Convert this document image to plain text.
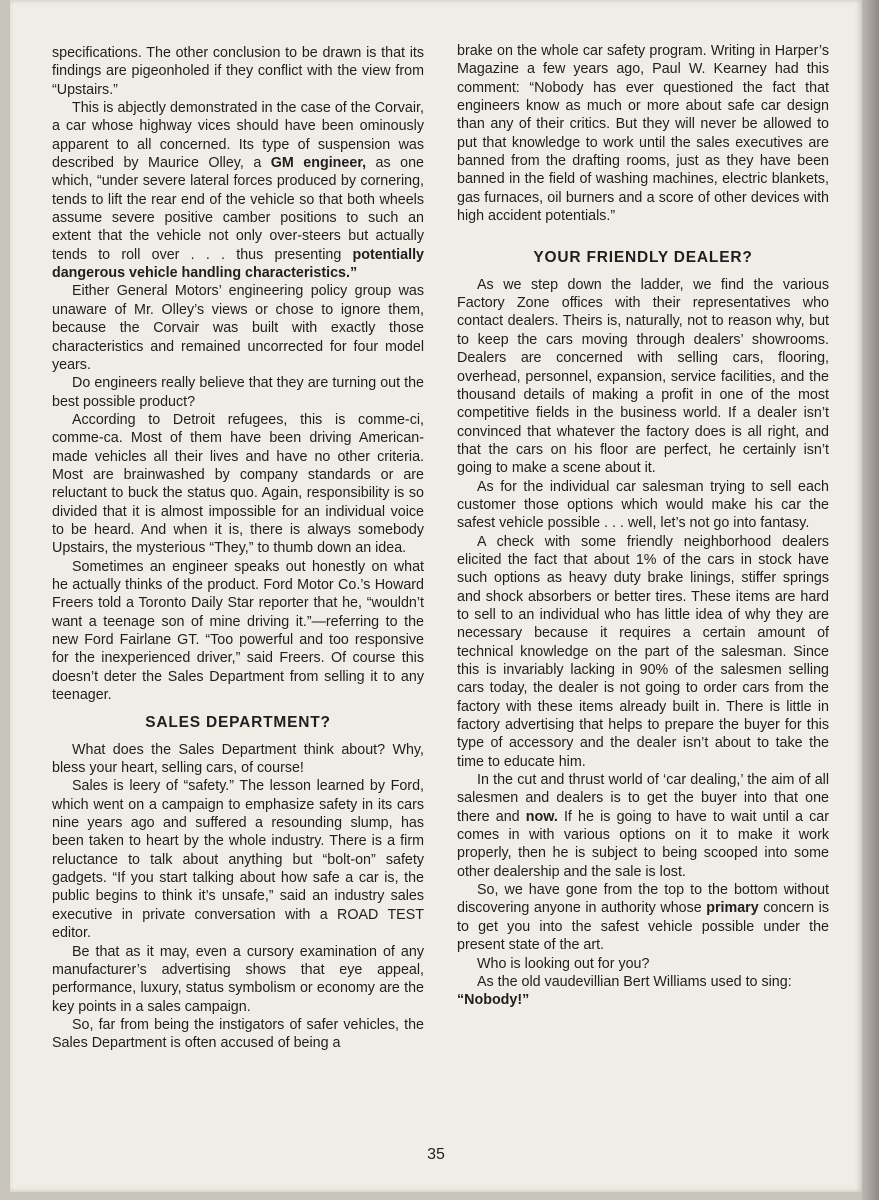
specifications. The other conclusion to be drawn is that its findings are pigeonholed if they conflict with the view from “Upstairs.”

This is abjectly demonstrated in the case of the Corvair, a car whose highway vices should have been ominously apparent to all concerned. Its type of suspension was described by Maurice Olley, a GM engineer, as one which, “under severe lateral forces produced by cornering, tends to lift the rear end of the vehicle so that both wheels assume severe positive camber positions to such an extent that the vehicle not only over-steers but actually tends to roll over . . . thus presenting potentially dangerous vehicle handling characteristics.”

Either General Motors’ engineering policy group was unaware of Mr. Olley’s views or chose to ignore them, because the Corvair was built with exactly those characteristics and remained uncorrected for four model years.

Do engineers really believe that they are turning out the best possible product?

According to Detroit refugees, this is comme-ci, comme-ca. Most of them have been driving American-made vehicles all their lives and have no other criteria. Most are brainwashed by company standards or are reluctant to buck the status quo. Again, responsibility is so divided that it is almost impossible for an individual voice to be heard. And when it is, there is always somebody Upstairs, the mysterious “They,” to thumb down an idea.

Sometimes an engineer speaks out honestly on what he actually thinks of the product. Ford Motor Co.’s Howard Freers told a Toronto Daily Star reporter that he, “wouldn’t want a teenage son of mine driving it.”—referring to the new Ford Fairlane GT. “Too powerful and too responsive for the inexperienced driver,” said Freers. Of course this doesn’t deter the Sales Department from selling it to any teenager.

SALES DEPARTMENT?

What does the Sales Department think about? Why, bless your heart, selling cars, of course!

Sales is leery of “safety.” The lesson learned by Ford, which went on a campaign to emphasize safety in its cars nine years ago and suffered a resounding slump, has been taken to heart by the whole industry. There is a firm reluctance to talk about anything but “bolt-on” safety gadgets. “If you start talking about how safe a car is, the public begins to think it’s unsafe,” said an industry sales executive in private conversation with a ROAD TEST editor.

Be that as it may, even a cursory examination of any manufacturer’s advertising shows that eye appeal, performance, luxury, status symbolism or economy are the key points in a sales campaign.

So, far from being the instigators of safer vehicles, the Sales Department is often accused of being a

brake on the whole car safety program. Writing in Harper’s Magazine a few years ago, Paul W. Kearney had this comment: “Nobody has ever questioned the fact that engineers know as much or more about safe car design than any of their critics. But they will never be allowed to put that knowledge to work until the sales executives are banned from the drafting rooms, just as they have been banned in the field of washing machines, electric blankets, gas furnaces, oil burners and a score of other devices with high accident potentials.”

YOUR FRIENDLY DEALER?

As we step down the ladder, we find the various Factory Zone offices with their representatives who contact dealers. Theirs is, naturally, not to reason why, but to keep the cars moving through dealers’ showrooms. Dealers are concerned with selling cars, flooring, overhead, personnel, expansion, service facilities, and the thousand details of making a profit in one of the most competitive fields in the business world. If a dealer isn’t convinced that whatever the factory does is all right, and that the cars on his floor are perfect, he certainly isn’t going to make a scene about it.

As for the individual car salesman trying to sell each customer those options which would make his car the safest vehicle possible . . . well, let’s not go into fantasy.

A check with some friendly neighborhood dealers elicited the fact that about 1% of the cars in stock have such options as heavy duty brake linings, stiffer springs and shock absorbers or better tires. These items are hard to sell to an individual who has little idea of why they are necessary because it requires a certain amount of technical knowledge on the part of the salesman. Since this is invariably lacking in 90% of the salesmen selling cars today, the dealer is not going to order cars from the factory with these items already built in. There is little in factory advertising that helps to prepare the buyer for this type of accessory and the dealer isn’t about to take the time to educate him.

In the cut and thrust world of ‘car dealing,’ the aim of all salesmen and dealers is to get the buyer into that one there and now. If he is going to have to wait until a car comes in with various options on it to make it work properly, then he is subject to being scooped into some other dealership and the sale is lost.

So, we have gone from the top to the bottom without discovering anyone in authority whose primary concern is to get you into the safest vehicle possible under the present state of the art.

Who is looking out for you?

As the old vaudevillian Bert Williams used to sing:

“Nobody!”

35
